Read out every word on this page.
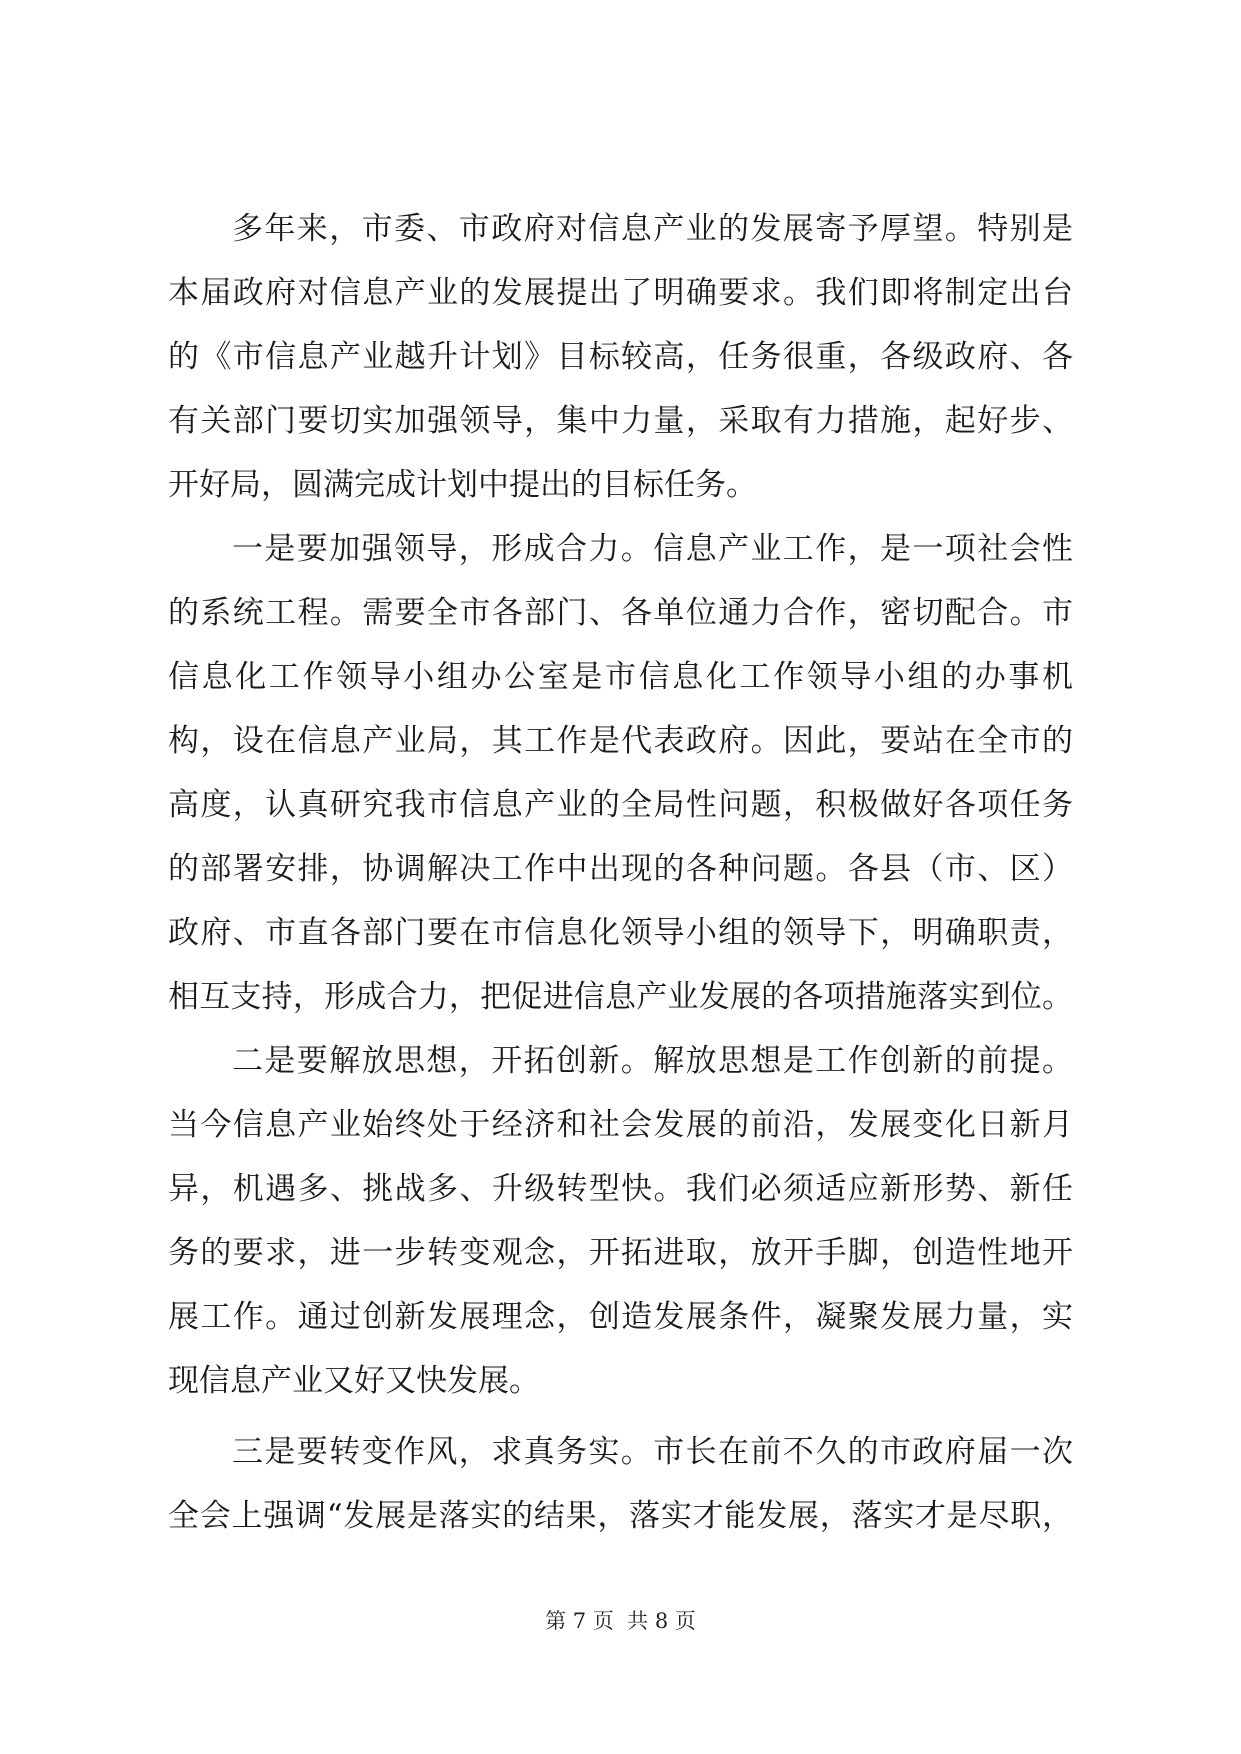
多年来，市委、市政府对信息产业的发展寄予厚望。特别是
本届政府对信息产业的发展提出了明确要求。我们即将制定出台
的《市信息产业越升计划》目标较高，任务很重，各级政府、各
有关部门要切实加强领导，集中力量，采取有力措施，起好步、
开好局，圆满完成计划中提出的目标任务。
一是要加强领导，形成合力。信息产业工作，是一项社会性
的系统工程。需要全市各部门、各单位通力合作，密切配合。市
信息化工作领导小组办公室是市信息化工作领导小组的办事机
构，设在信息产业局，其工作是代表政府。因此，要站在全市的
高度，认真研究我市信息产业的全局性问题，积极做好各项任务
的部署安排，协调解决工作中出现的各种问题。各县（市、区）
政府、市直各部门要在市信息化领导小组的领导下，明确职责，
相互支持，形成合力，把促进信息产业发展的各项措施落实到位。
二是要解放思想，开拓创新。解放思想是工作创新的前提。
当今信息产业始终处于经济和社会发展的前沿，发展变化日新月
异，机遇多、挑战多、升级转型快。我们必须适应新形势、新任
务的要求，进一步转变观念，开拓进取，放开手脚，创造性地开
展工作。通过创新发展理念，创造发展条件，凝聚发展力量，实
现信息产业又好又快发展。
三是要转变作风，求真务实。市长在前不久的市政府届一次
全会上强调“发展是落实的结果，落实才能发展，落实才是尽职，
第 7 页  共 8 页
